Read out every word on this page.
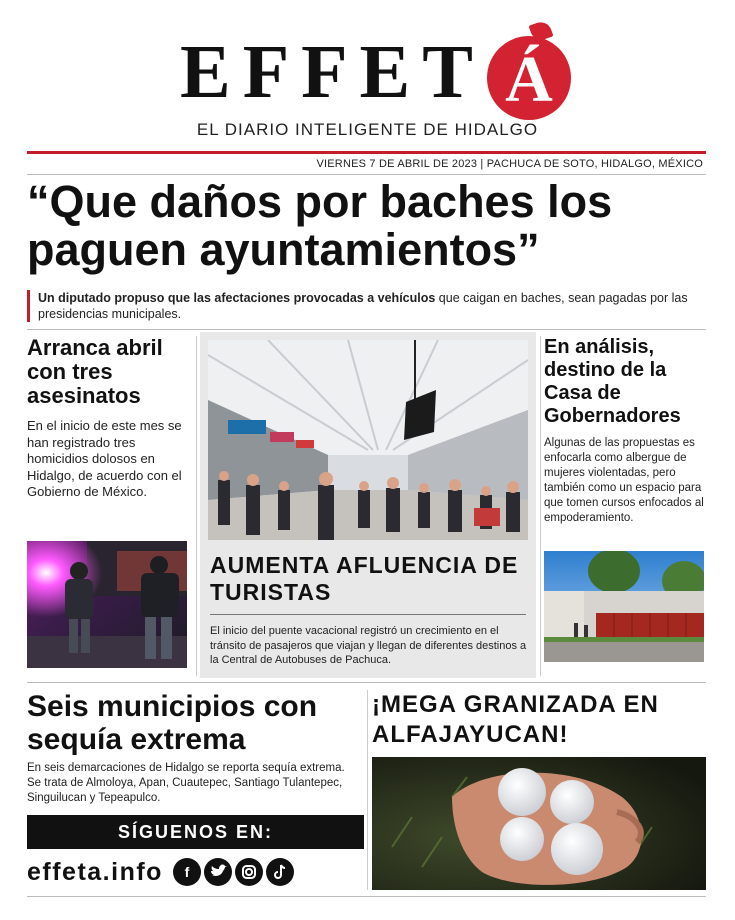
EFFET Á
EL DIARIO INTELIGENTE DE HIDALGO
VIERNES 7 DE ABRIL DE 2023 | PACHUCA DE SOTO, HIDALGO, MÉXICO
“Que daños por baches los paguen ayuntamientos”
Un diputado propuso que las afectaciones provocadas a vehículos que caigan en baches, sean pagadas por las presidencias municipales.
Arranca abril con tres asesinatos

En el inicio de este mes se han registrado tres homicidios dolosos en Hidalgo, de acuerdo con el Gobierno de México.

AUMENTA AFLUENCIA DE TURISTAS

El inicio del puente vacacional registró un crecimiento en el tránsito de pasajeros que viajan y llegan de diferentes destinos a la Central de Autobuses de Pachuca.

En análisis, destino de la Casa de Gobernadores

Algunas de las propuestas es enfocarla como albergue de mujeres violentadas, pero también como un espacio para que tomen cursos enfocados al empoderamiento.

Seis municipios con sequía extrema

En seis demarcaciones de Hidalgo se reporta sequía extrema. Se trata de Almoloya, Apan, Cuautepec, Santiago Tulantepec, Singuilucan y Tepeapulco.

SÍGUENOS EN:
effeta.info	f
¡MEGA GRANIZADA EN ALFAJAYUCAN!
